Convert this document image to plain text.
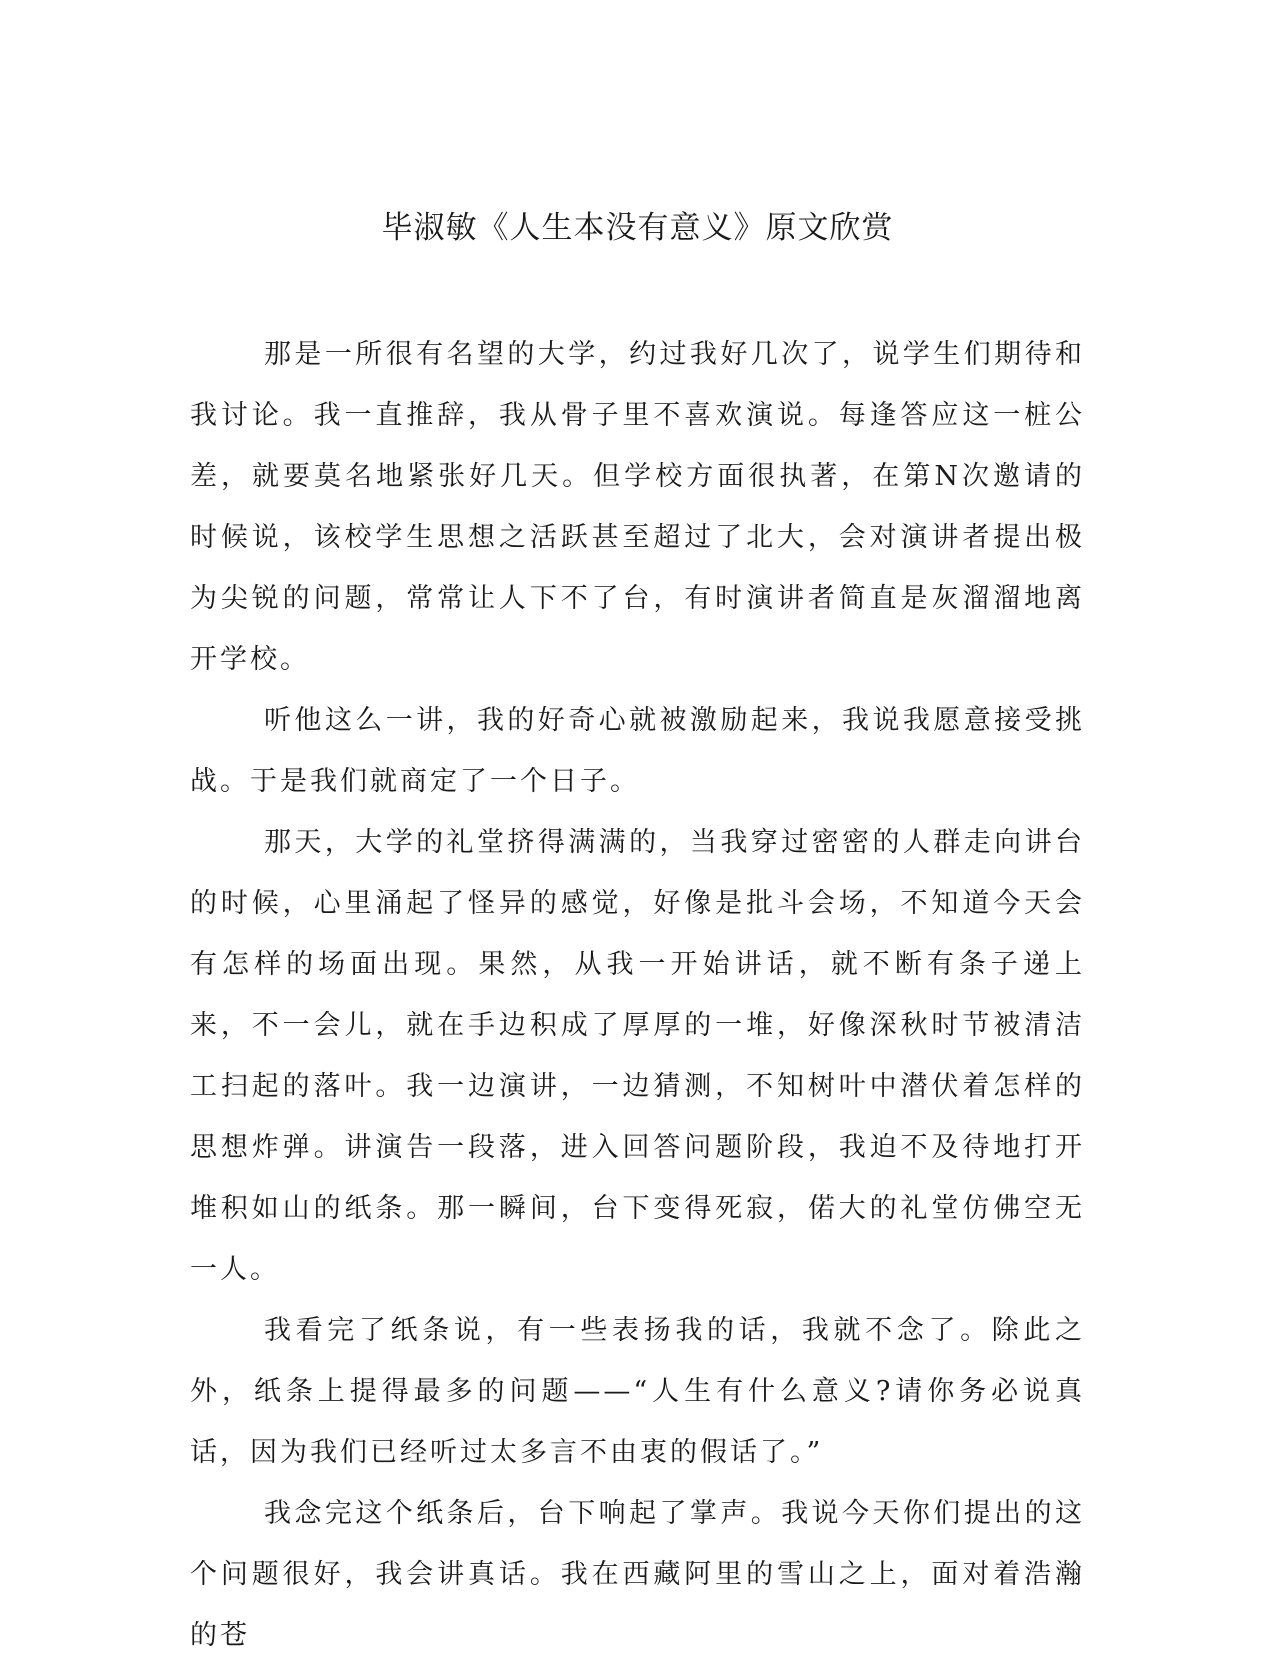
毕淑敏《人生本没有意义》原文欣赏

那是一所很有名望的大学，约过我好几次了，说学生们期待和我讨论。我一直推辞，我从骨子里不喜欢演说。每逢答应这一桩公差，就要莫名地紧张好几天。但学校方面很执著，在第N次邀请的时候说，该校学生思想之活跃甚至超过了北大，会对演讲者提出极为尖锐的问题，常常让人下不了台，有时演讲者简直是灰溜溜地离开学校。

听他这么一讲，我的好奇心就被激励起来，我说我愿意接受挑战。于是我们就商定了一个日子。

那天，大学的礼堂挤得满满的，当我穿过密密的人群走向讲台的时候，心里涌起了怪异的感觉，好像是批斗会场，不知道今天会有怎样的场面出现。果然，从我一开始讲话，就不断有条子递上来，不一会儿，就在手边积成了厚厚的一堆，好像深秋时节被清洁工扫起的落叶。我一边演讲，一边猜测，不知树叶中潜伏着怎样的思想炸弹。讲演告一段落，进入回答问题阶段，我迫不及待地打开堆积如山的纸条。那一瞬间，台下变得死寂，偌大的礼堂仿佛空无一人。

我看完了纸条说，有一些表扬我的话，我就不念了。除此之外，纸条上提得最多的问题——“人生有什么意义?请你务必说真话，因为我们已经听过太多言不由衷的假话了。”

我念完这个纸条后，台下响起了掌声。我说今天你们提出的这个问题很好，我会讲真话。我在西藏阿里的雪山之上，面对着浩瀚的苍
